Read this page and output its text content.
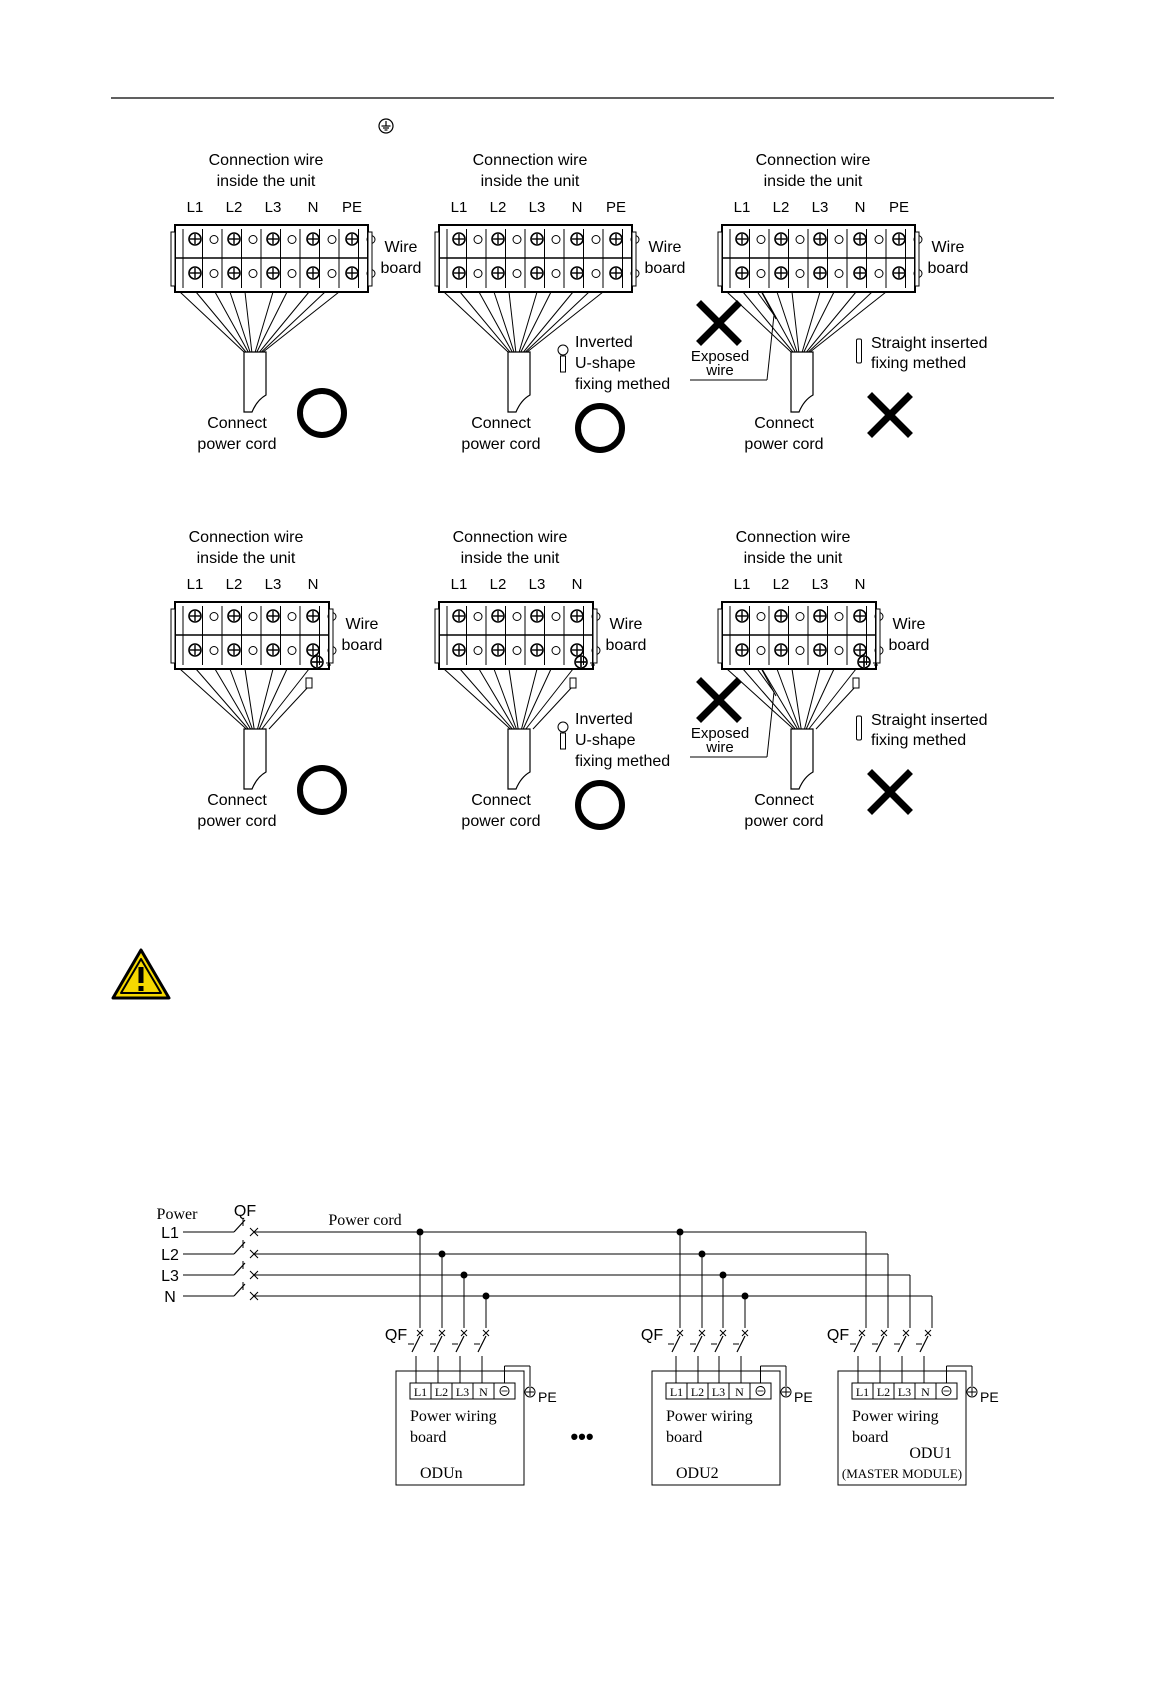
Connection wire
inside the unit
L1 L2 L3 N PE
Wire
board
Connect
power cord
Connection wire
inside the unit
L1 L2 L3 N PE
Wire
board
Connect
power cord
Inverted
U-shape
fixing methed
Connection wire
inside the unit
L1 L2 L3 N PE
Wire
board
Connect
power cord
Straight inserted
fixing methed
Exposed
wire
Connection wire
inside the unit
L1 L2 L3 N
Wire
board
Connect
power cord
Connection wire
inside the unit
L1 L2 L3 N
Wire
board
Connect
power cord
Inverted
U-shape
fixing methed
Connection wire
inside the unit
L1 L2 L3 N
Wire
board
Connect
power cord
Straight inserted
fixing methed
Exposed
wire
Power QF
Power cord
L1
L2
L3
N
QF
L1 L2 L3 N	PE
Power wiring
board
ODUn
QF
L1 L2 L3 N	PE
Power wiring
board
ODU2
QF
L1 L2 L3 N	PE
Power wiring
board
ODU1
(MASTER MODULE)
•••
